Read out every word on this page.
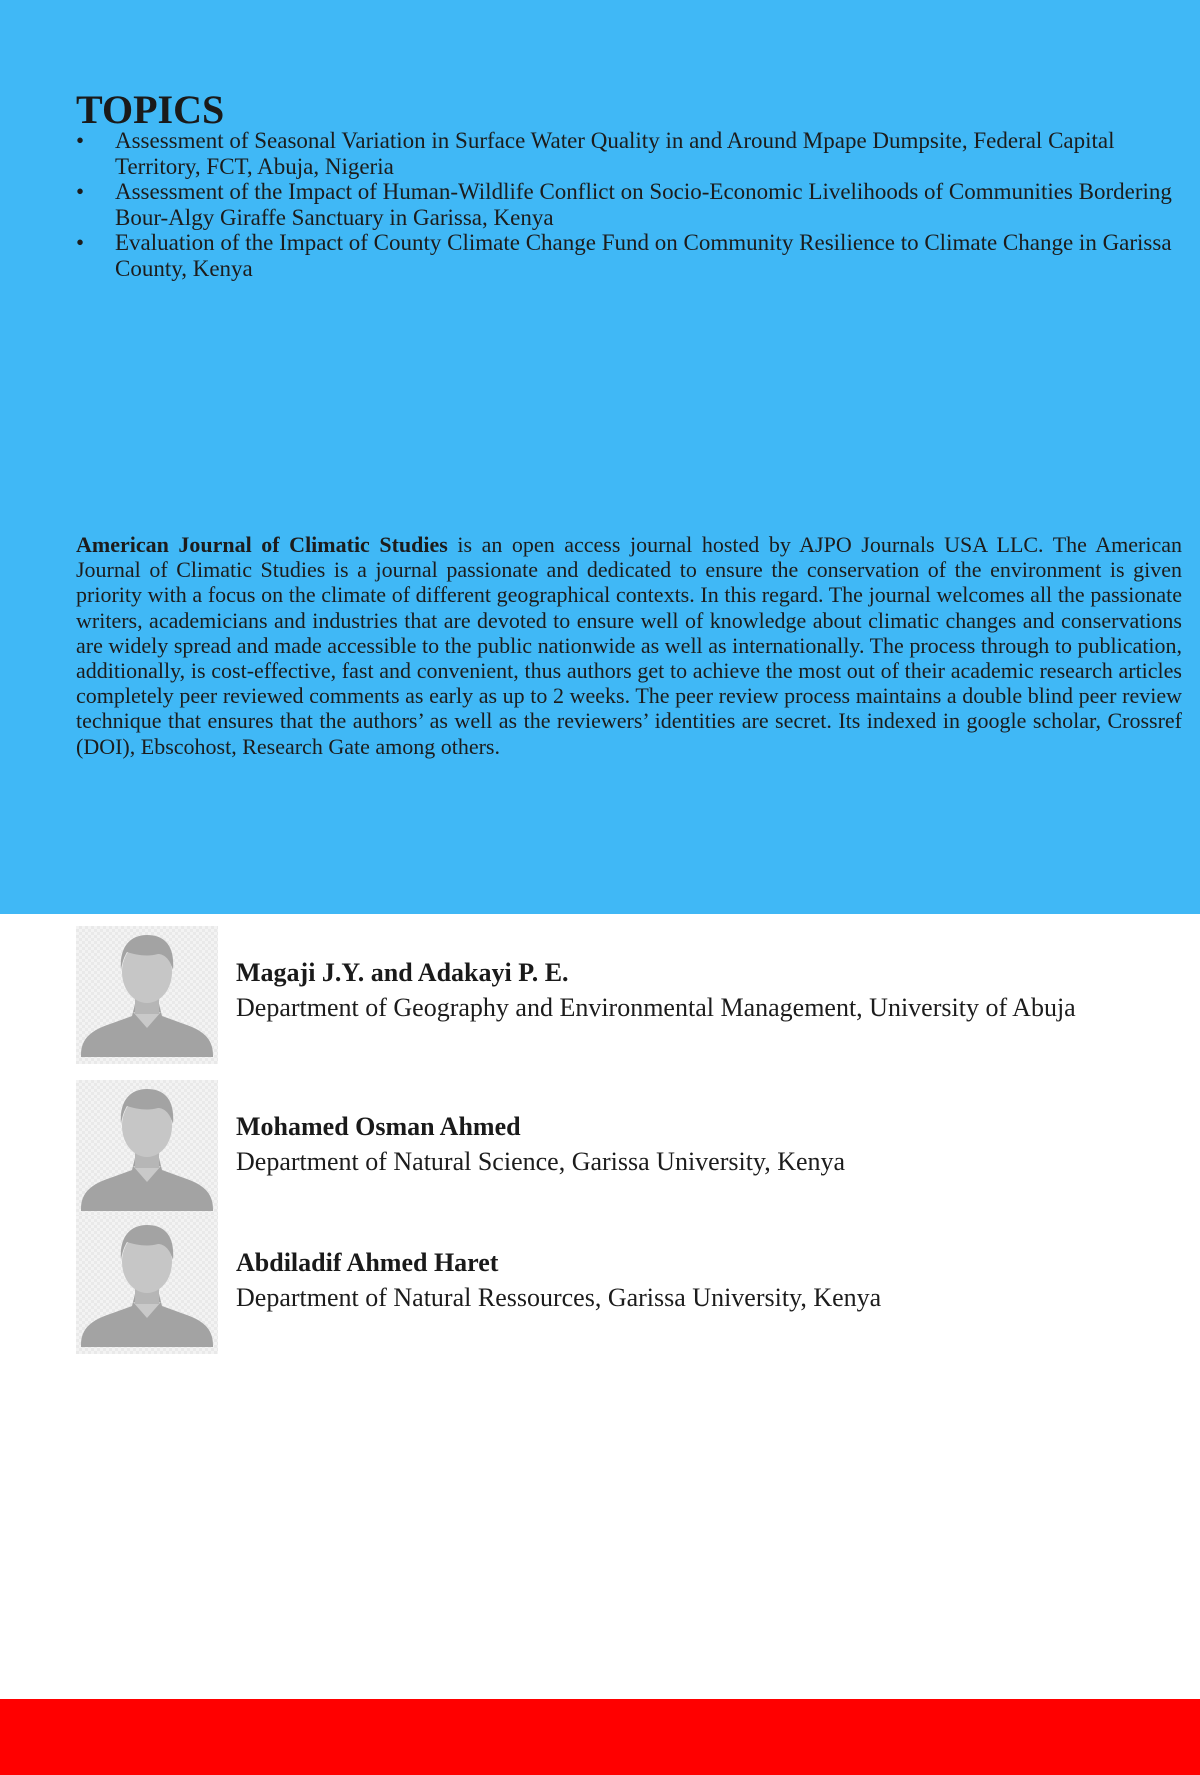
TOPICS
• Assessment of Seasonal Variation in Surface Water Quality in and Around Mpape Dumpsite, Federal Capital Territory, FCT, Abuja, Nigeria
• Assessment of the Impact of Human-Wildlife Conflict on Socio-Economic Livelihoods of Communities Bordering Bour-Algy Giraffe Sanctuary in Garissa, Kenya
• Evaluation of the Impact of County Climate Change Fund on Community Resilience to Climate Change in Garissa County, Kenya

American Journal of Climatic Studies is an open access journal hosted by AJPO Journals USA LLC. The American Journal of Climatic Studies is a journal passionate and dedicated to ensure the conservation of the environment is given priority with a focus on the climate of different geographical contexts. In this regard. The journal welcomes all the passionate writers, academicians and industries that are devoted to ensure well of knowledge about climatic changes and conservations are widely spread and made accessible to the public nationwide as well as internationally. The process through to publication, additionally, is cost-effective, fast and convenient, thus authors get to achieve the most out of their academic research articles completely peer reviewed comments as early as up to 2 weeks. The peer review process maintains a double blind peer review technique that ensures that the authors’ as well as the reviewers’ identities are secret. Its indexed in google scholar, Crossref (DOI), Ebscohost, Research Gate among others.

Magaji J.Y. and Adakayi P. E.
Department of Geography and Environmental Management, University of Abuja
Mohamed Osman Ahmed
Department of Natural Science, Garissa University, Kenya
Abdiladif Ahmed Haret
Department of Natural Ressources, Garissa University, Kenya
